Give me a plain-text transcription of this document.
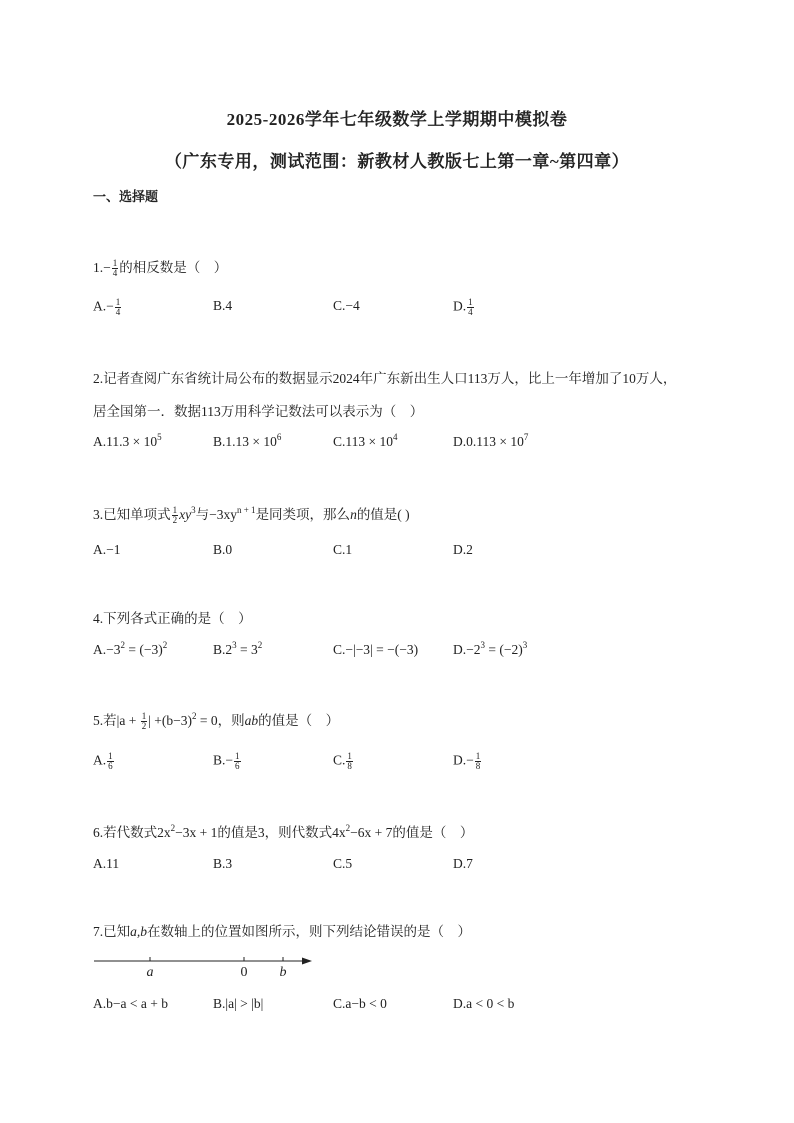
2025-2026学年七年级数学上学期期中模拟卷
（广东专用，测试范围：新教材人教版七上第一章~第四章）
一、选择题
$1.- \frac{1}{4}$ 的相反数是（　）
$A.- \frac{1}{4}$	B.4	C.−4	D. $\frac{1}{4}$
2.记者查阅广东省统计局公布的数据显示2024年广东新出生人口113万人，比上一年增加了10万人，
居全国第一．数据113万用科学记数法可以表示为（　）
$A.11.3 \times 10^5$	$B.1.13 \times 10^6$	$C.113 \times 10^4$	$D.0.113 \times 10^7$
3.已知单项式 $\frac{1}{2} xy^3$与$-3xy^{n + 1}$是同类项，那么n的值是( )
A.−1	B.0	C.1	D.2
4.下列各式正确的是（　）
$A.-3^2 = (-3)^2$	$B.2^3 = 3^2$	C.−|−3| = −(−3)	$D.-2^3 = (-2)^3$
5.若$|a + \frac{1}{2}$ | $+(b-3)^2 = 0$，则ab的值是（　）
A. $\frac{1}{6}$	$B.- \frac{1}{6}$	C. $\frac{1}{8}$	$D.- \frac{1}{8}$
6.若代数式$2x^2-3x + 1$的值是3，则代数式$4x^2-6x + 7$的值是（　）
A.11	B.3	C.5	D.7
7.已知a,b在数轴上的位置如图所示，则下列结论错误的是（　）
a	0 b
A.b−a < a + b	B.|a| > |b|	C.a−b < 0	D.a < 0 < b
